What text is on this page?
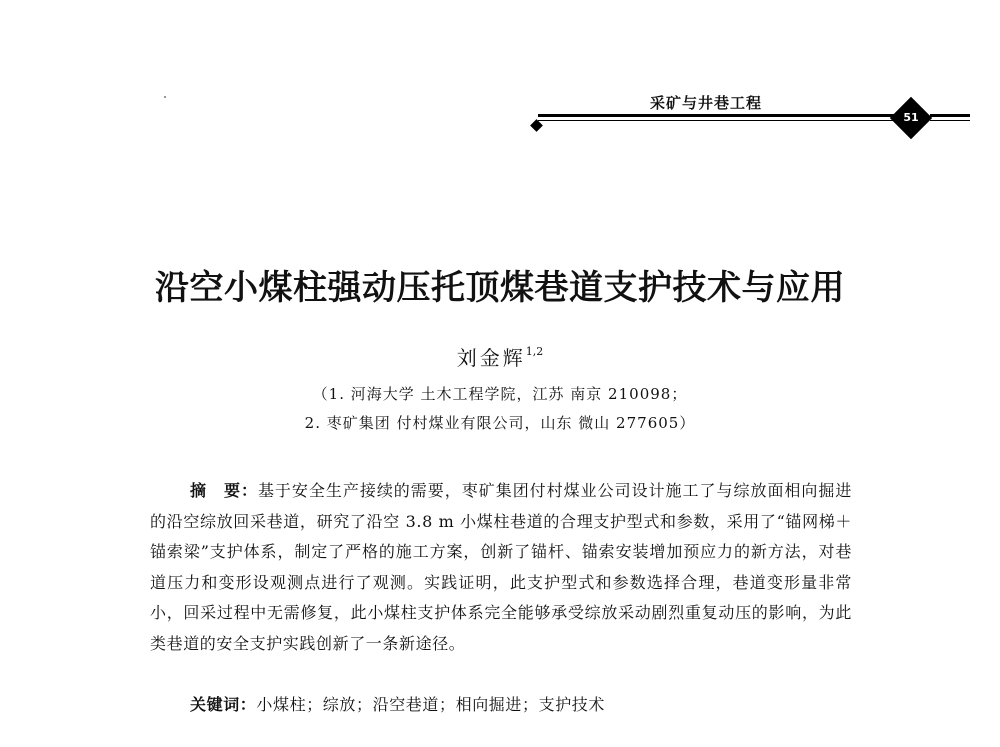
采矿与井巷工程
51
沿空小煤柱强动压托顶煤巷道支护技术与应用
刘金辉$^{1,2}$
（1. 河海大学 土木工程学院，江苏 南京 210098；
2. 枣矿集团 付村煤业有限公司，山东 微山 277605）
摘　要：基于安全生产接续的需要，枣矿集团付村煤业公司设计施工了与综放面相向掘进的沿空综放回采巷道，研究了沿空 3.8 m 小煤柱巷道的合理支护型式和参数，采用了“锚网梯＋锚索梁”支护体系，制定了严格的施工方案，创新了锚杆、锚索安装增加预应力的新方法，对巷道压力和变形设观测点进行了观测。实践证明，此支护型式和参数选择合理，巷道变形量非常小，回采过程中无需修复，此小煤柱支护体系完全能够承受综放采动剧烈重复动压的影响，为此类巷道的安全支护实践创新了一条新途径。
关键词：小煤柱；综放；沿空巷道；相向掘进；支护技术
